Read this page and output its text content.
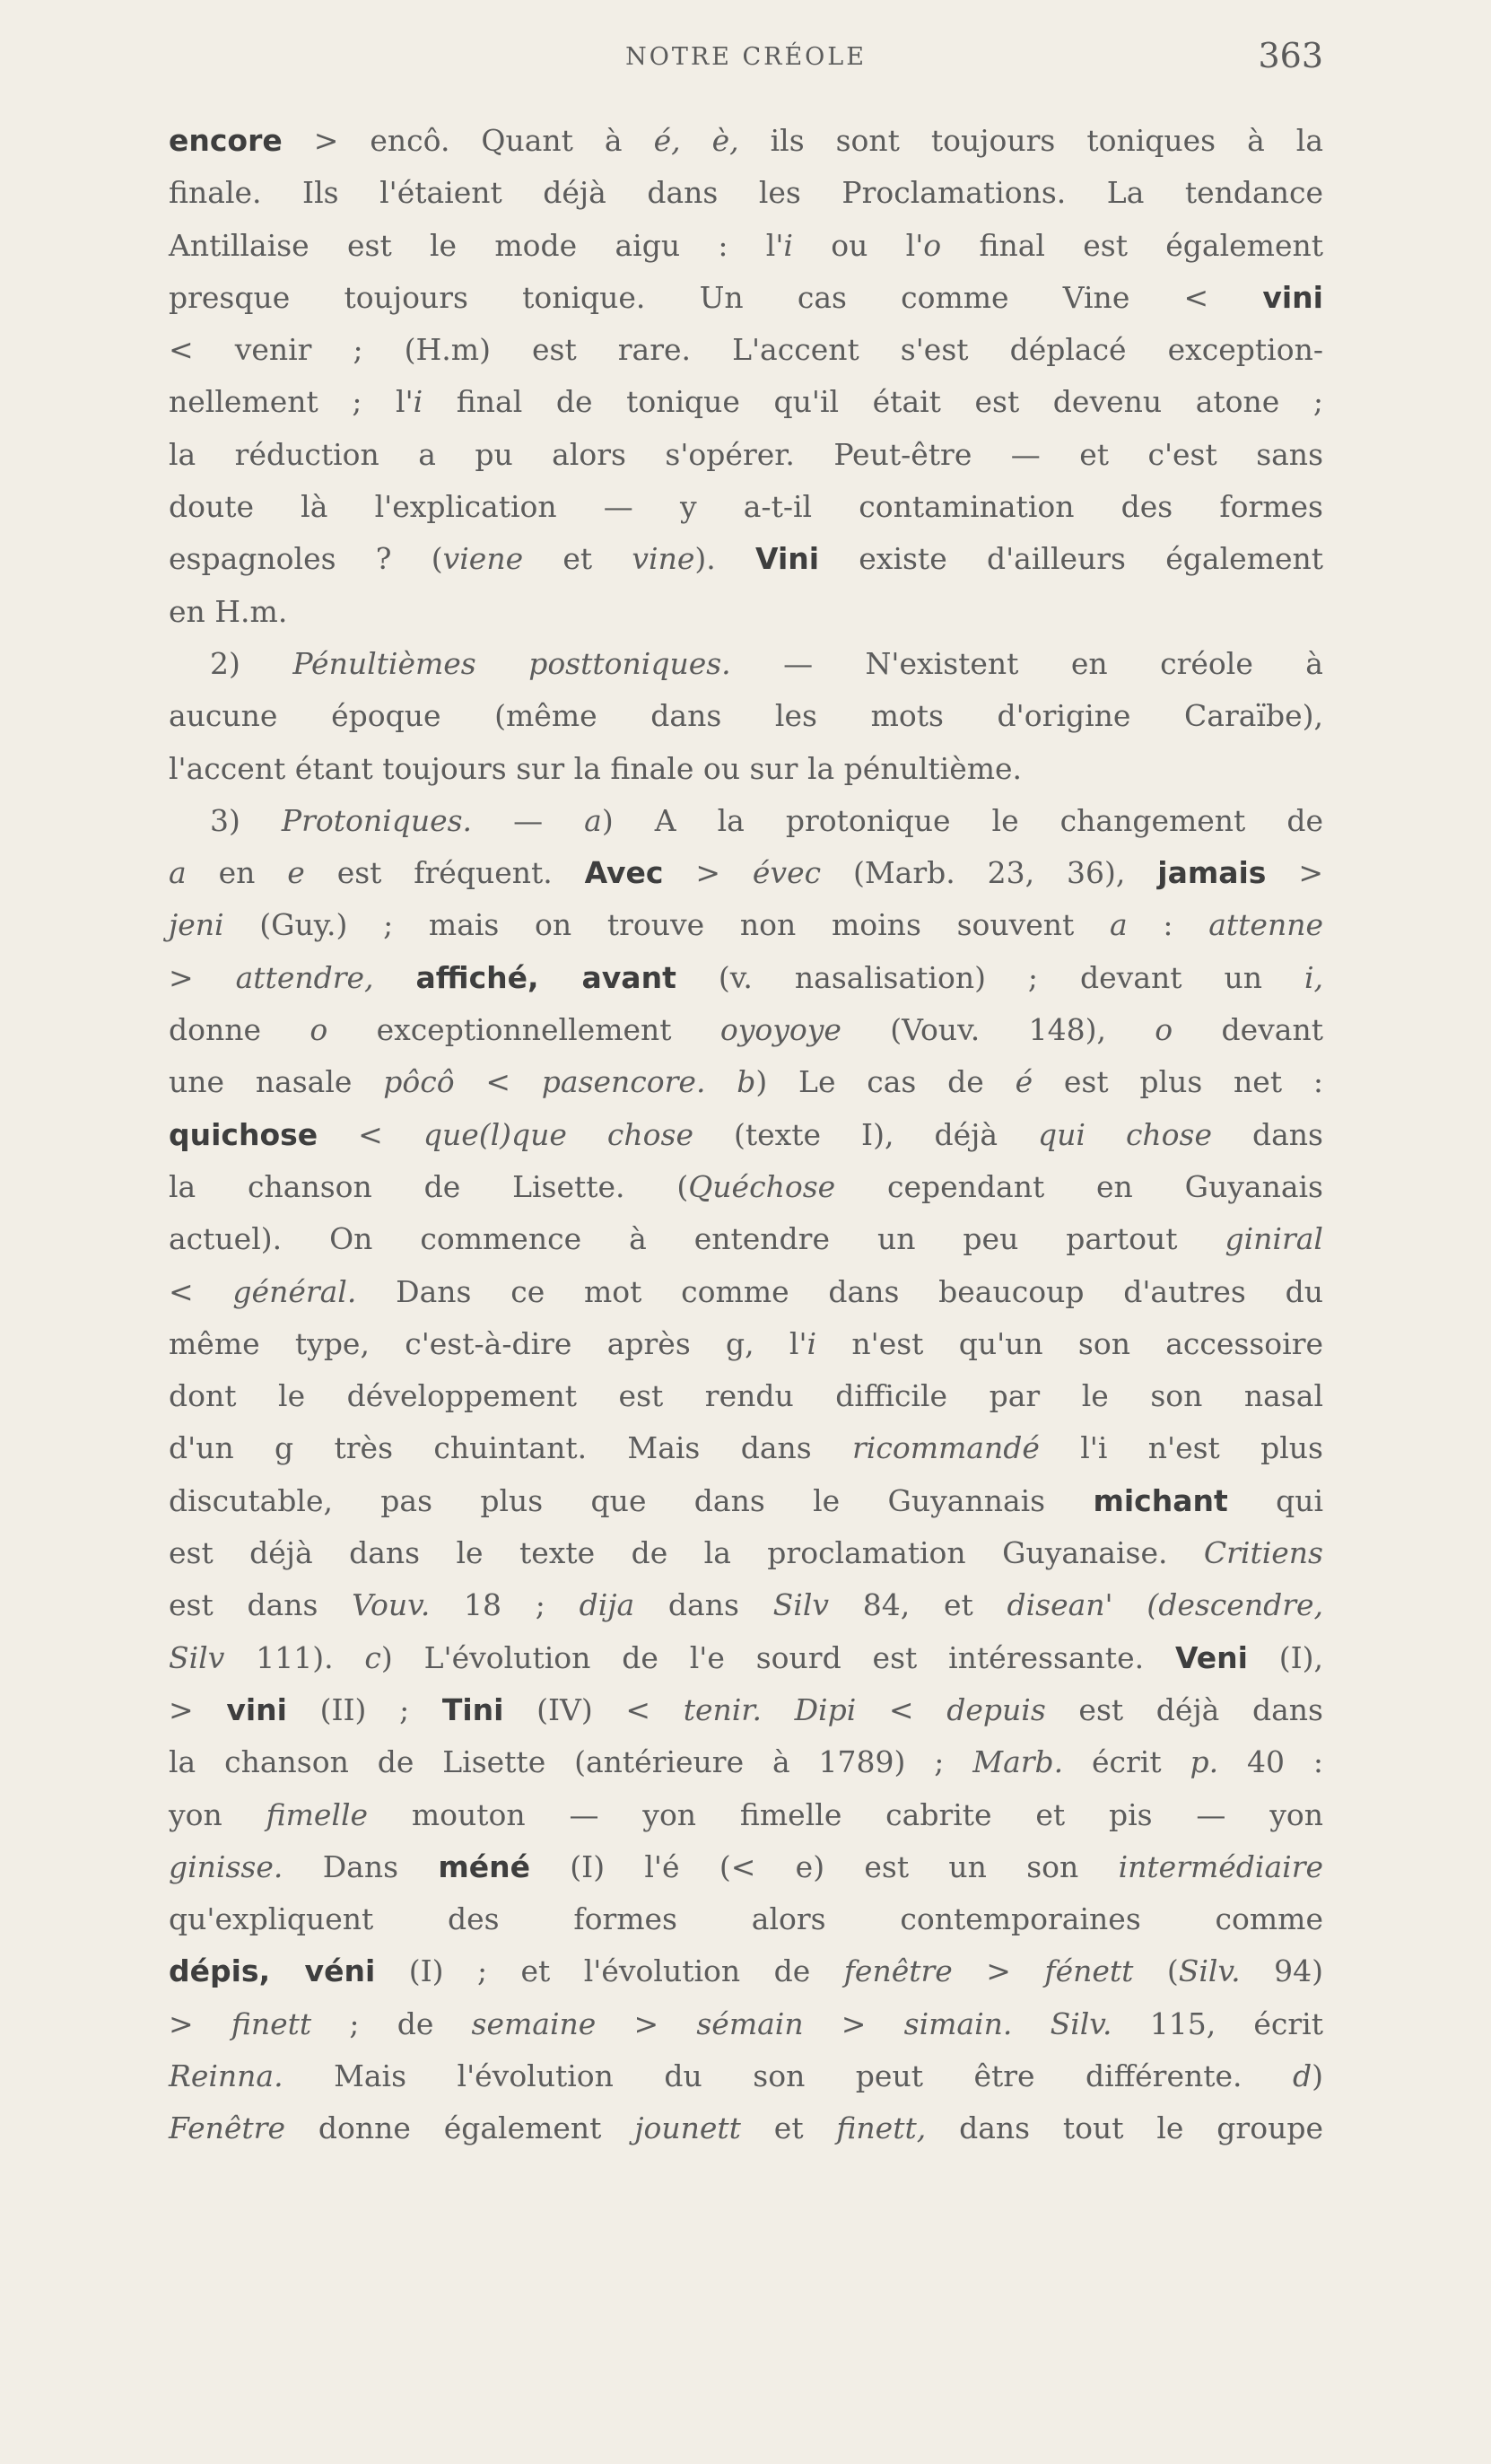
NOTRE CRÉOLE	363
encore > encô. Quant à é, è, ils sont toujours toniques à la
finale. Ils l'étaient déjà dans les Proclamations. La tendance
Antillaise est le mode aigu : l'i ou l'o final est également
presque toujours tonique. Un cas comme Vine < vini
< venir ; (H.m) est rare. L'accent s'est déplacé exception-
nellement ; l'i final de tonique qu'il était est devenu atone ;
la réduction a pu alors s'opérer. Peut-être — et c'est sans
doute là l'explication — y a-t-il contamination des formes
espagnoles ? (viene et vine). Vini existe d'ailleurs également
en H.m.
2) Pénultièmes posttoniques. — N'existent en créole à
aucune époque (même dans les mots d'origine Caraïbe),
l'accent étant toujours sur la finale ou sur la pénultième.
3) Protoniques. — a) A la protonique le changement de
a en e est fréquent. Avec > évec (Marb. 23, 36), jamais >
jeni (Guy.) ; mais on trouve non moins souvent a : attenne
> attendre, affiché, avant (v. nasalisation) ; devant un i,
donne o exceptionnellement oyoyoye (Vouv. 148), o devant
une nasale pôcô < pasencore. b) Le cas de é est plus net :
quichose < que(l)que chose (texte I), déjà qui chose dans
la chanson de Lisette. (Quéchose cependant en Guyanais
actuel). On commence à entendre un peu partout giniral
< général. Dans ce mot comme dans beaucoup d'autres du
même type, c'est-à-dire après g, l'i n'est qu'un son accessoire
dont le développement est rendu difficile par le son nasal
d'un g très chuintant. Mais dans ricommandé l'i n'est plus
discutable, pas plus que dans le Guyannais michant qui
est déjà dans le texte de la proclamation Guyanaise. Critiens
est dans Vouv. 18 ; dija dans Silv 84, et disean' (descendre,
Silv 111). c) L'évolution de l'e sourd est intéressante. Veni (I),
> vini (II) ; Tini (IV) < tenir. Dipi < depuis est déjà dans
la chanson de Lisette (antérieure à 1789) ; Marb. écrit p. 40 :
yon fimelle mouton — yon fimelle cabrite et pis — yon
ginisse. Dans méné (I) l'é (< e) est un son intermédiaire
qu'expliquent des formes alors contemporaines comme
dépis, véni (I) ; et l'évolution de fenêtre > fénett (Silv. 94)
> finett ; de semaine > sémain > simain. Silv. 115, écrit
Reinna. Mais l'évolution du son peut être différente. d)
Fenêtre donne également jounett et finett, dans tout le groupe
